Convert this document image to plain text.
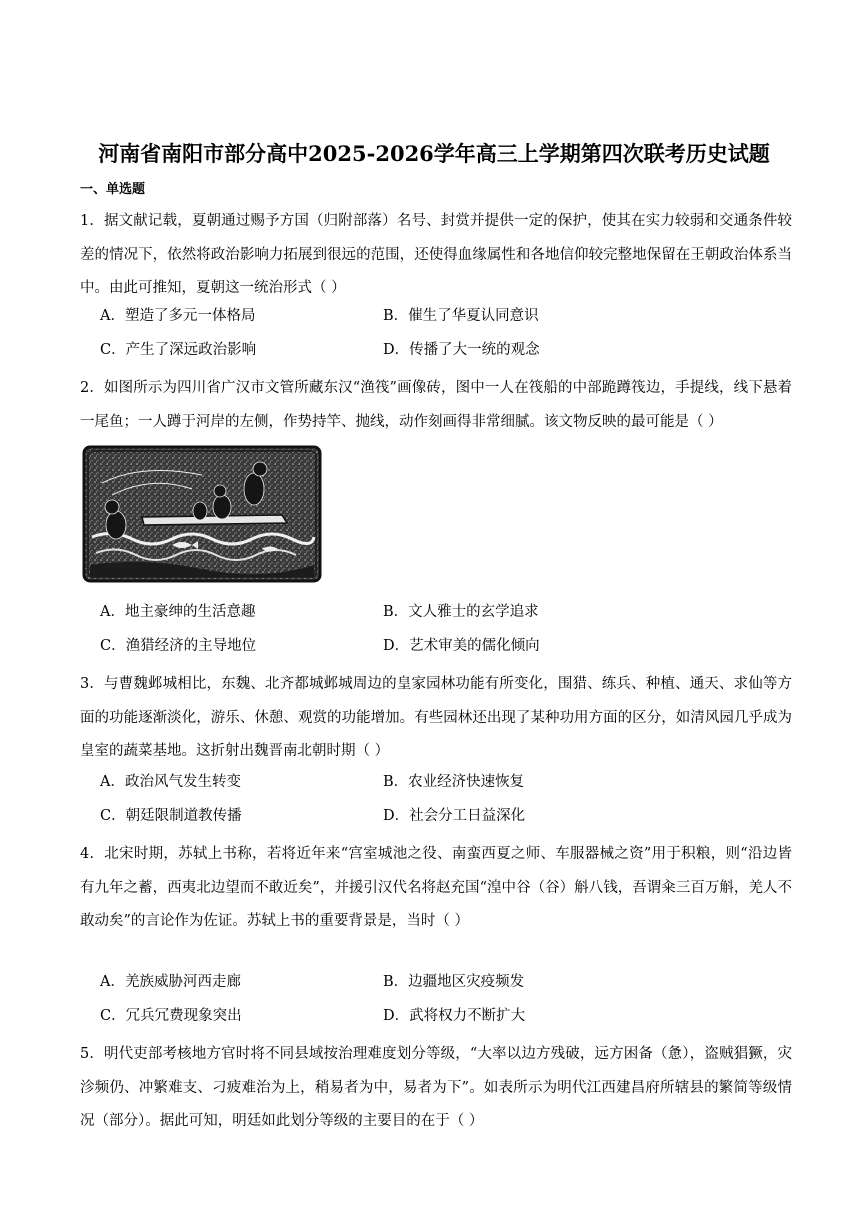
河南省南阳市部分高中2025-2026学年高三上学期第四次联考历史试题
一、单选题
1．据文献记载，夏朝通过赐予方国（归附部落）名号、封赏并提供一定的保护，使其在实力较弱和交通条件较差的情况下，依然将政治影响力拓展到很远的范围，还使得血缘属性和各地信仰较完整地保留在王朝政治体系当中。由此可推知，夏朝这一统治形式（ ）
A．塑造了多元一体格局	B．催生了华夏认同意识
C．产生了深远政治影响	D．传播了大一统的观念
2．如图所示为四川省广汉市文管所藏东汉“渔筏”画像砖，图中一人在筏船的中部跪蹲筏边，手提线，线下悬着一尾鱼；一人蹲于河岸的左侧，作势持竿、抛线，动作刻画得非常细腻。该文物反映的最可能是（ ）
A．地主豪绅的生活意趣	B．文人雅士的玄学追求
C．渔猎经济的主导地位	D．艺术审美的儒化倾向
3．与曹魏邺城相比，东魏、北齐都城邺城周边的皇家园林功能有所变化，围猎、练兵、种植、通天、求仙等方面的功能逐渐淡化，游乐、休憩、观赏的功能增加。有些园林还出现了某种功用方面的区分，如清风园几乎成为皇室的蔬菜基地。这折射出魏晋南北朝时期（ ）
A．政治风气发生转变	B．农业经济快速恢复
C．朝廷限制道教传播	D．社会分工日益深化
4．北宋时期，苏轼上书称，若将近年来“宫室城池之役、南蛮西夏之师、车服器械之资”用于积粮，则“沿边皆有九年之蓄，西夷北边望而不敢近矣”，并援引汉代名将赵充国“湟中谷（谷）斛八钱，吾谓籴三百万斛，羌人不敢动矣”的言论作为佐证。苏轼上书的重要背景是，当时（ ）
A．羌族威胁河西走廊	B．边疆地区灾疫频发
C．冗兵冗费现象突出	D．武将权力不断扩大
5．明代吏部考核地方官时将不同县域按治理难度划分等级，“大率以边方残破，远方困备（惫），盗贼猖獗，灾沴频仍、冲繁难支、刁疲难治为上，稍易者为中，易者为下”。如表所示为明代江西建昌府所辖县的繁简等级情况（部分）。据此可知，明廷如此划分等级的主要目的在于（ ）
